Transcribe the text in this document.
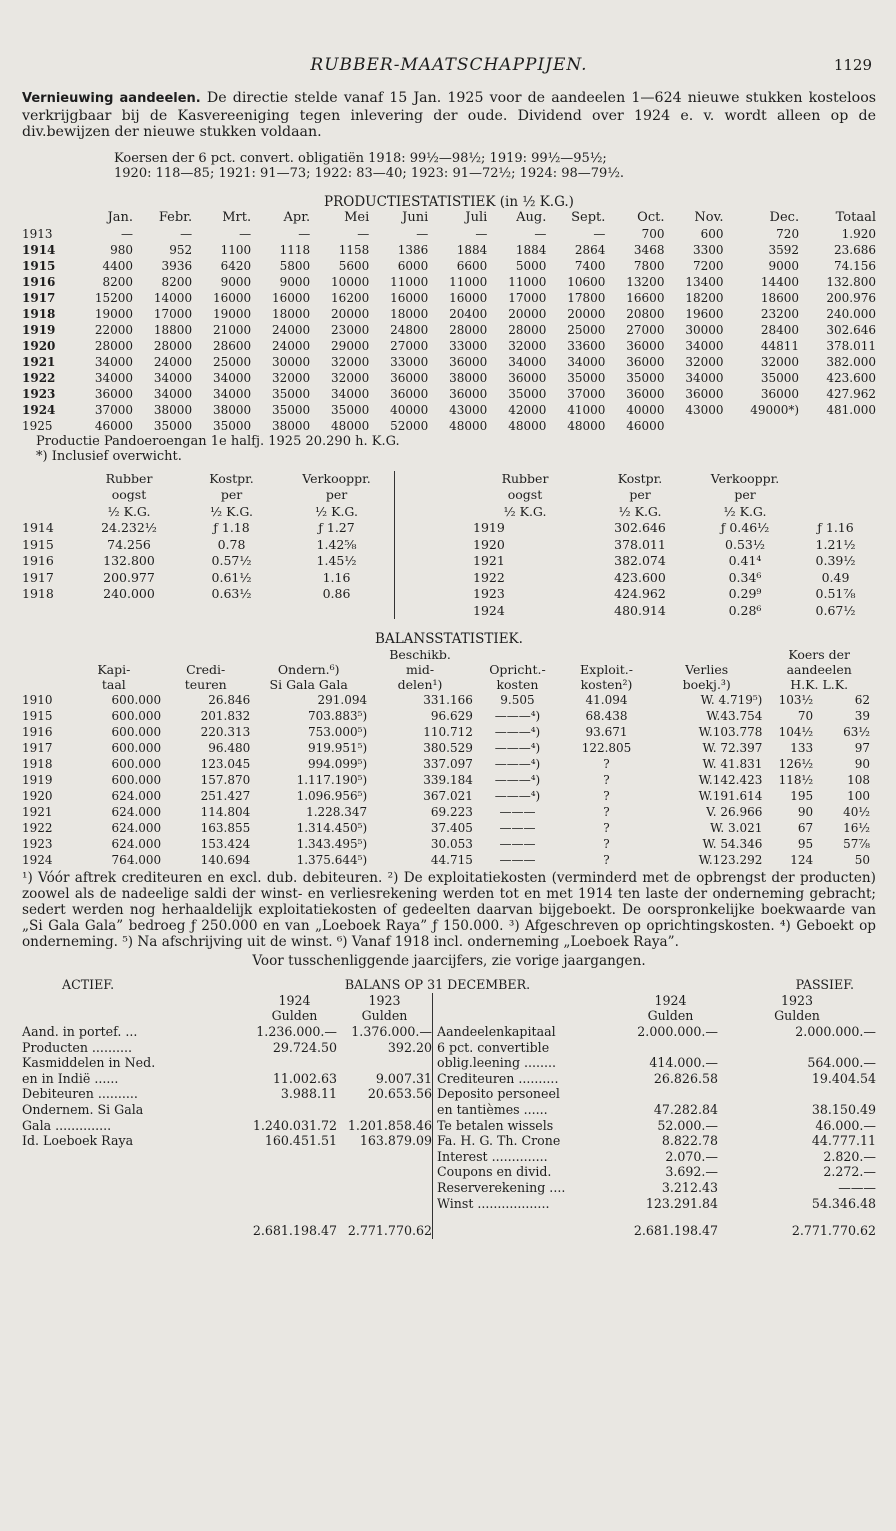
RUBBER-MAATSCHAPPIJEN.	1129

Vernieuwing aandeelen. De directie stelde vanaf 15 Jan. 1925 voor de aandeelen 1—624 nieuwe stukken kosteloos verkrijgbaar bij de Kasvereeniging tegen inlevering der oude. Dividend over 1924 e. v. wordt alleen op de div.bewijzen der nieuwe stukken voldaan.

Koersen der 6 pct. convert. obligatiën 1918: 99½—98½; 1919: 99½—95½;
1920: 118—85; 1921: 91—73; 1922: 83—40; 1923: 91—72½; 1924: 98—79½.
PRODUCTIESTATISTIEK (in ½ K.G.)
	Jan.	Febr.	Mrt.	Apr.	Mei	Juni	Juli	Aug.	Sept.	Oct.	Nov.	Dec.	Totaal
1913	—	—	—	—	—	—	—	—	—	700	600	720	1.920
1914	980	952	1100	1118	1158	1386	1884	1884	2864	3468	3300	3592	23.686
1915	4400	3936	6420	5800	5600	6000	6600	5000	7400	7800	7200	9000	74.156
1916	8200	8200	9000	9000	10000	11000	11000	11000	10600	13200	13400	14400	132.800
1917	15200	14000	16000	16000	16200	16000	16000	17000	17800	16600	18200	18600	200.976
1918	19000	17000	19000	18000	20000	18000	20400	20000	20000	20800	19600	23200	240.000
1919	22000	18800	21000	24000	23000	24800	28000	28000	25000	27000	30000	28400	302.646
1920	28000	28000	28600	24000	29000	27000	33000	32000	33600	36000	34000	44811	378.011
1921	34000	24000	25000	30000	32000	33000	36000	34000	34000	36000	32000	32000	382.000
1922	34000	34000	34000	32000	32000	36000	38000	36000	35000	35000	34000	35000	423.600
1923	36000	34000	34000	35000	34000	36000	36000	35000	37000	36000	36000	36000	427.962
1924	37000	38000	38000	35000	35000	40000	43000	42000	41000	40000	43000	49000*)	481.000
1925	46000	35000	35000	38000	48000	52000	48000	48000	48000	46000			
Productie Pandoeroengan 1e halfj. 1925 20.290 h. K.G.
*) Inclusief overwicht.
	Rubber	Kostpr.	Verkooppr.		Rubber	Kostpr.	Verkooppr.	
	oogst	per	per		oogst	per	per	
	½ K.G.	½ K.G.	½ K.G.		½ K.G.	½ K.G.	½ K.G.	
1914	24.232½	ƒ 1.18	ƒ 1.27		1919	302.646	ƒ 0.46½	ƒ 1.16
1915	74.256	0.78	1.42⅝		1920	378.011	0.53½	1.21½
1916	132.800	0.57½	1.45½		1921	382.074	0.41⁴	0.39½
1917	200.977	0.61½	1.16		1922	423.600	0.34⁶	0.49
1918	240.000	0.63½	0.86		1923	424.962	0.29⁹	0.51⅞
					1924	480.914	0.28⁶	0.67½
BALANSSTATISTIEK.
				Beschikb.				Koers der	
	Kapi-	Credi-	Ondern.⁶)	mid-	Opricht.-	Exploit.-	Verlies	aandeelen	
	taal	teuren	Si Gala Gala	delen¹)	kosten	kosten²)	boekj.³)	H.K. L.K.	
1910	600.000	26.846	291.094	331.166	9.505	41.094	W. 4.719⁵)	103½	62
1915	600.000	201.832	703.883⁵)	96.629	———⁴)	68.438	W.43.754	70	39
1916	600.000	220.313	753.000⁵)	110.712	———⁴)	93.671	W.103.778	104½	63½
1917	600.000	96.480	919.951⁵)	380.529	———⁴)	122.805	W. 72.397	133	97
1918	600.000	123.045	994.099⁵)	337.097	———⁴)	?	W. 41.831	126½	90
1919	600.000	157.870	1.117.190⁵)	339.184	———⁴)	?	W.142.423	118½	108
1920	624.000	251.427	1.096.956⁵)	367.021	———⁴)	?	W.191.614	195	100
1921	624.000	114.804	1.228.347	69.223	———	?	V. 26.966	90	40½
1922	624.000	163.855	1.314.450⁵)	37.405	———	?	W. 3.021	67	16½
1923	624.000	153.424	1.343.495⁵)	30.053	———	?	W. 54.346	95	57⅞
1924	764.000	140.694	1.375.644⁵)	44.715	———	?	W.123.292	124	50

¹) Vóór aftrek crediteuren en excl. dub. debiteuren. ²) De exploitatiekosten (verminderd met de opbrengst der producten) zoowel als de nadeelige saldi der winst- en verliesrekening werden tot en met 1914 ten laste der onderneming gebracht; sedert werden nog herhaaldelijk exploitatiekosten of gedeelten daarvan bijgeboekt. De oorspronkelijke boekwaarde van „Si Gala Gala” bedroeg ƒ 250.000 en van „Loeboek Raya” ƒ 150.000. ³) Afgeschreven op oprichtingskosten. ⁴) Geboekt op onderneming. ⁵) Na afschrijving uit de winst. ⁶) Vanaf 1918 incl. onderneming „Loeboek Raya”.

Voor tusschenliggende jaarcijfers, zie vorige jaargangen.
ACTIEF.	BALANS OP 31 DECEMBER.			PASSIEF.	
	1924	1923		1924	1923
	Gulden	Gulden		Gulden	Gulden
Aand. in portef. ...	1.236.000.—	1.376.000.—	Aandeelenkapitaal	2.000.000.—	2.000.000.—
Producten ..........	29.724.50	392.20	6 pct. convertible		
Kasmiddelen in Ned.			oblig.leening ........	414.000.—	564.000.—
en in Indië ......	11.002.63	9.007.31	Crediteuren ..........	26.826.58	19.404.54
Debiteuren ..........	3.988.11	20.653.56	Deposito personeel		
Ondernem. Si Gala			en tantièmes ......	47.282.84	38.150.49
Gala ..............	1.240.031.72	1.201.858.46	Te betalen wissels	52.000.—	46.000.—
Id. Loeboek Raya	160.451.51	163.879.09	Fa. H. G. Th. Crone	8.822.78	44.777.11
			Interest ..............	2.070.—	2.820.—
			Coupons en divid.	3.692.—	2.272.—
			Reserverekening ....	3.212.43	———
			Winst ..................	123.291.84	54.346.48

	2.681.198.47	2.771.770.62		2.681.198.47	2.771.770.62
